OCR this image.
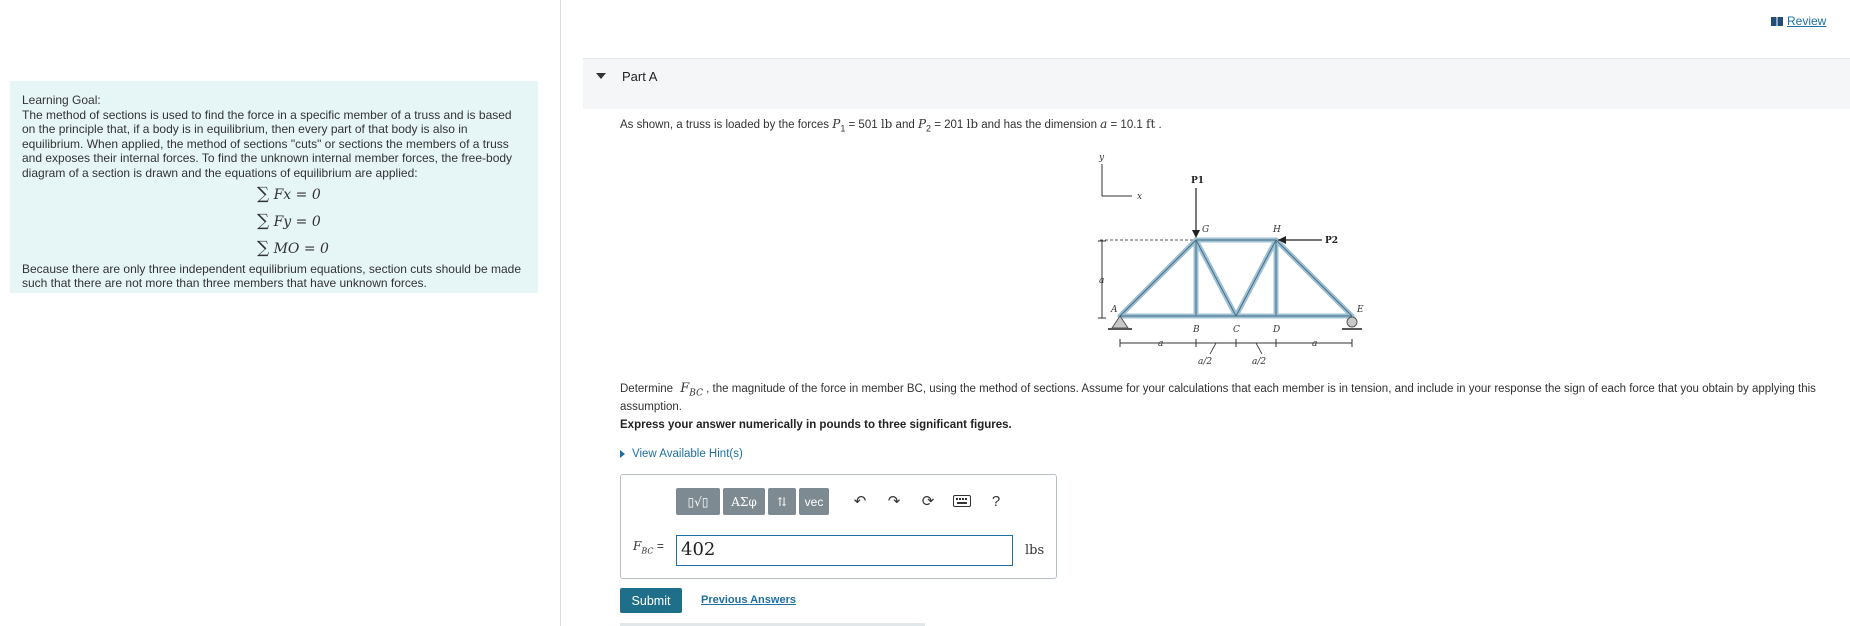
Learning Goal:
The method of sections is used to find the force in a specific member of a truss and is based on the principle that, if a body is in equilibrium, then every part of that body is also in equilibrium. When applied, the method of sections "cuts" or sections the members of a truss and exposes their internal forces. To find the unknown internal member forces, the free-body diagram of a section is drawn and the equations of equilibrium are applied:
∑ Fx = 0
∑ Fy = 0
∑ MO = 0
Because there are only three independent equilibrium equations, section cuts should be made such that there are not more than three members that have unknown forces.
Review
Part A
As shown, a truss is loaded by the forces $P_1 = 501$ lb and $P_2 = 201$ lb and has the dimension a = 10.1 ft .
y
x
a
P1
P2
G	H
A
B	C	D
E
a	a
a/2	a/2
Determine $F_{BC}$ , the magnitude of the force in member BC, using the method of sections. Assume for your calculations that each member is in tension, and include in your response the sign of each force that you obtain by applying this assumption.
Express your answer numerically in pounds to three significant figures.
View Available Hint(s)
▯√▯	ΑΣφ	⇅	vec	↶ ↷ ⟳	?
$F_{BC} = 402$	lbs
Submit	Previous Answers
